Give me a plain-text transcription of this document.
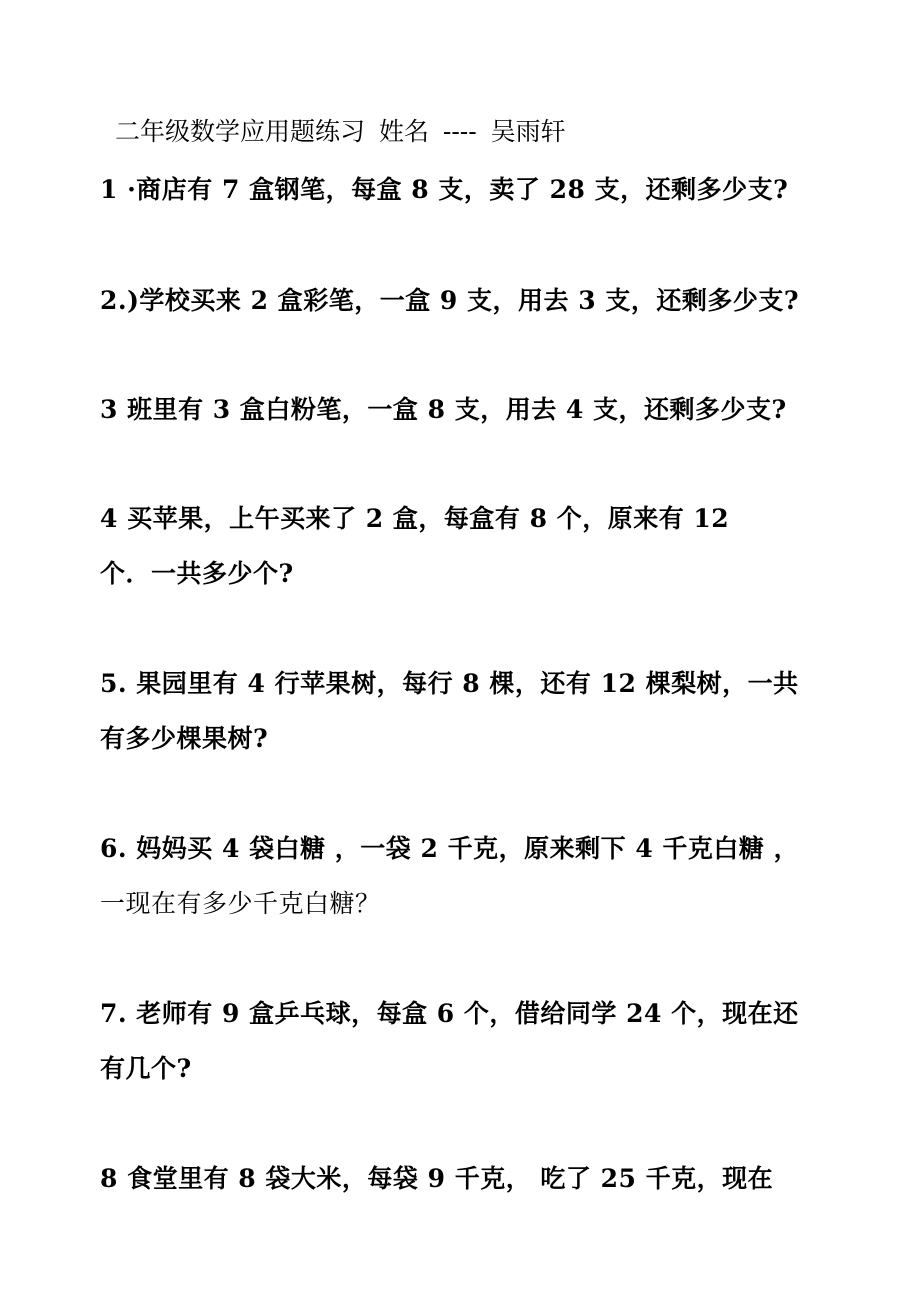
二年级数学应用题练习 姓名 ---- 吴雨轩
1 ·商店有 7 盒钢笔，每盒 8 支，卖了 28 支，还剩多少支?
2.)学校买来 2 盒彩笔，一盒 9 支，用去 3 支，还剩多少支?
3 班里有 3 盒白粉笔，一盒 8 支，用去 4 支，还剩多少支?
4 买苹果，上午买来了 2 盒，每盒有 8 个，原来有 12
个．一共多少个?
5. 果园里有 4 行苹果树，每行 8 棵，还有 12 棵梨树，一共
有多少棵果树?
6. 妈妈买 4 袋白糖 ，一袋 2 千克，原来剩下 4 千克白糖 ，
一现在有多少千克白糖？
7. 老师有 9 盒乒乓球，每盒 6 个，借给同学 24 个，现在还
有几个?
8 食堂里有 8 袋大米，每袋 9 千克， 吃了 25 千克，现在
